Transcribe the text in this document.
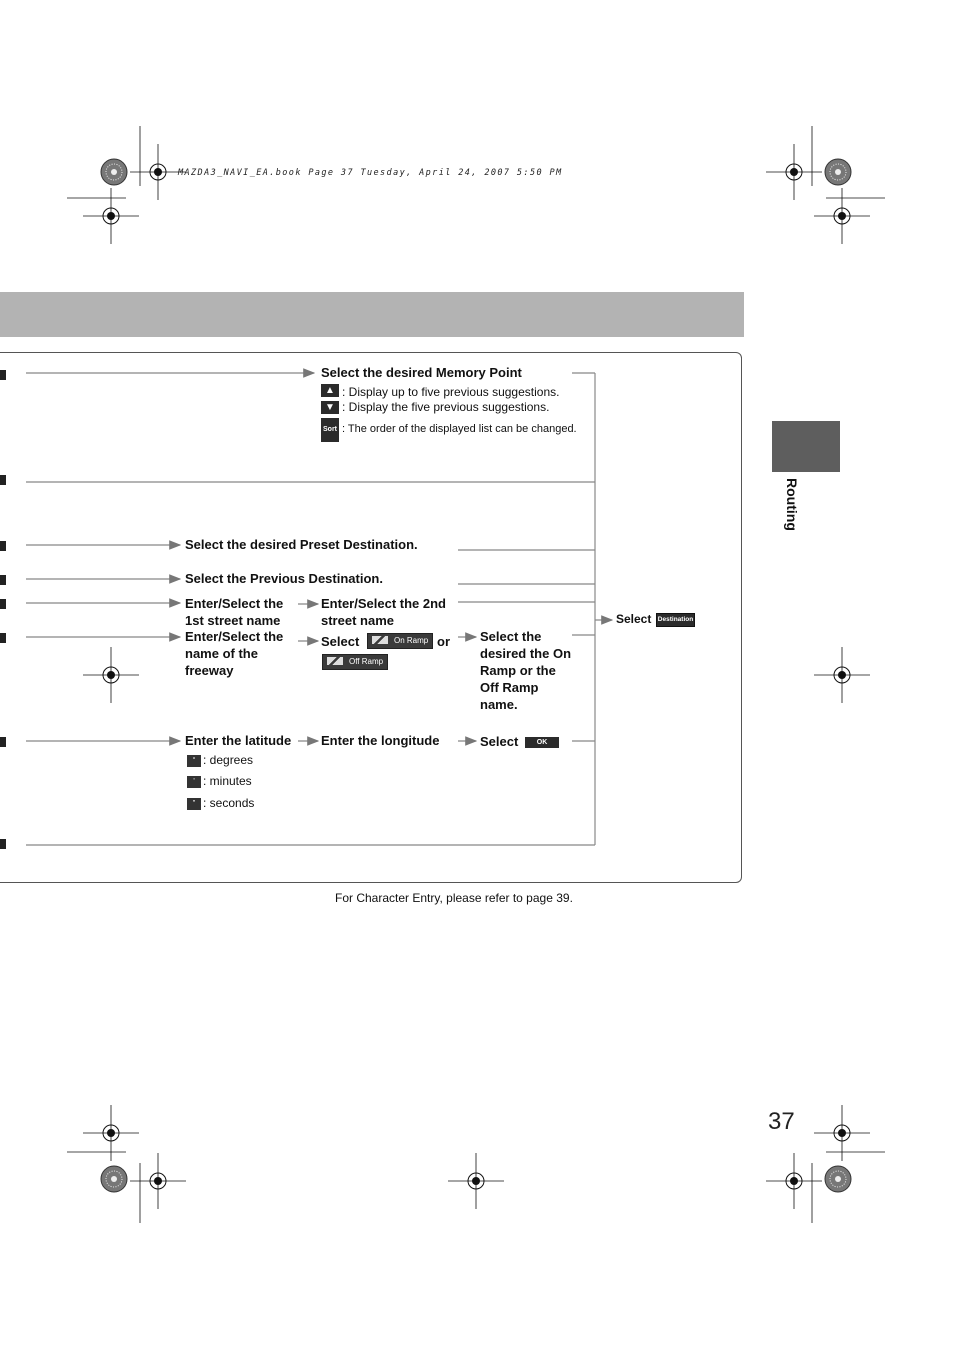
MAZDA3_NAVI_EA.book Page 37 Tuesday, April 24, 2007 5:50 PM
Routing
Select the desired Memory Point
▲ : Display up to five previous suggestions.
▼ : Display the five previous suggestions.
Sort : The order of the displayed list can be changed.
Select the desired Preset Destination.
Select the Previous Destination.
Enter/Select the 1st street name
Enter/Select the 2nd street name
Enter/Select the name of the freeway
Select	On Ramp or
Off Ramp
Select the desired the On Ramp or the Off Ramp name.
Enter the latitude Enter the longitude	Select	OK
° : degrees
' : minutes
" : seconds
Select Destination
For Character Entry, please refer to page 39.
37
